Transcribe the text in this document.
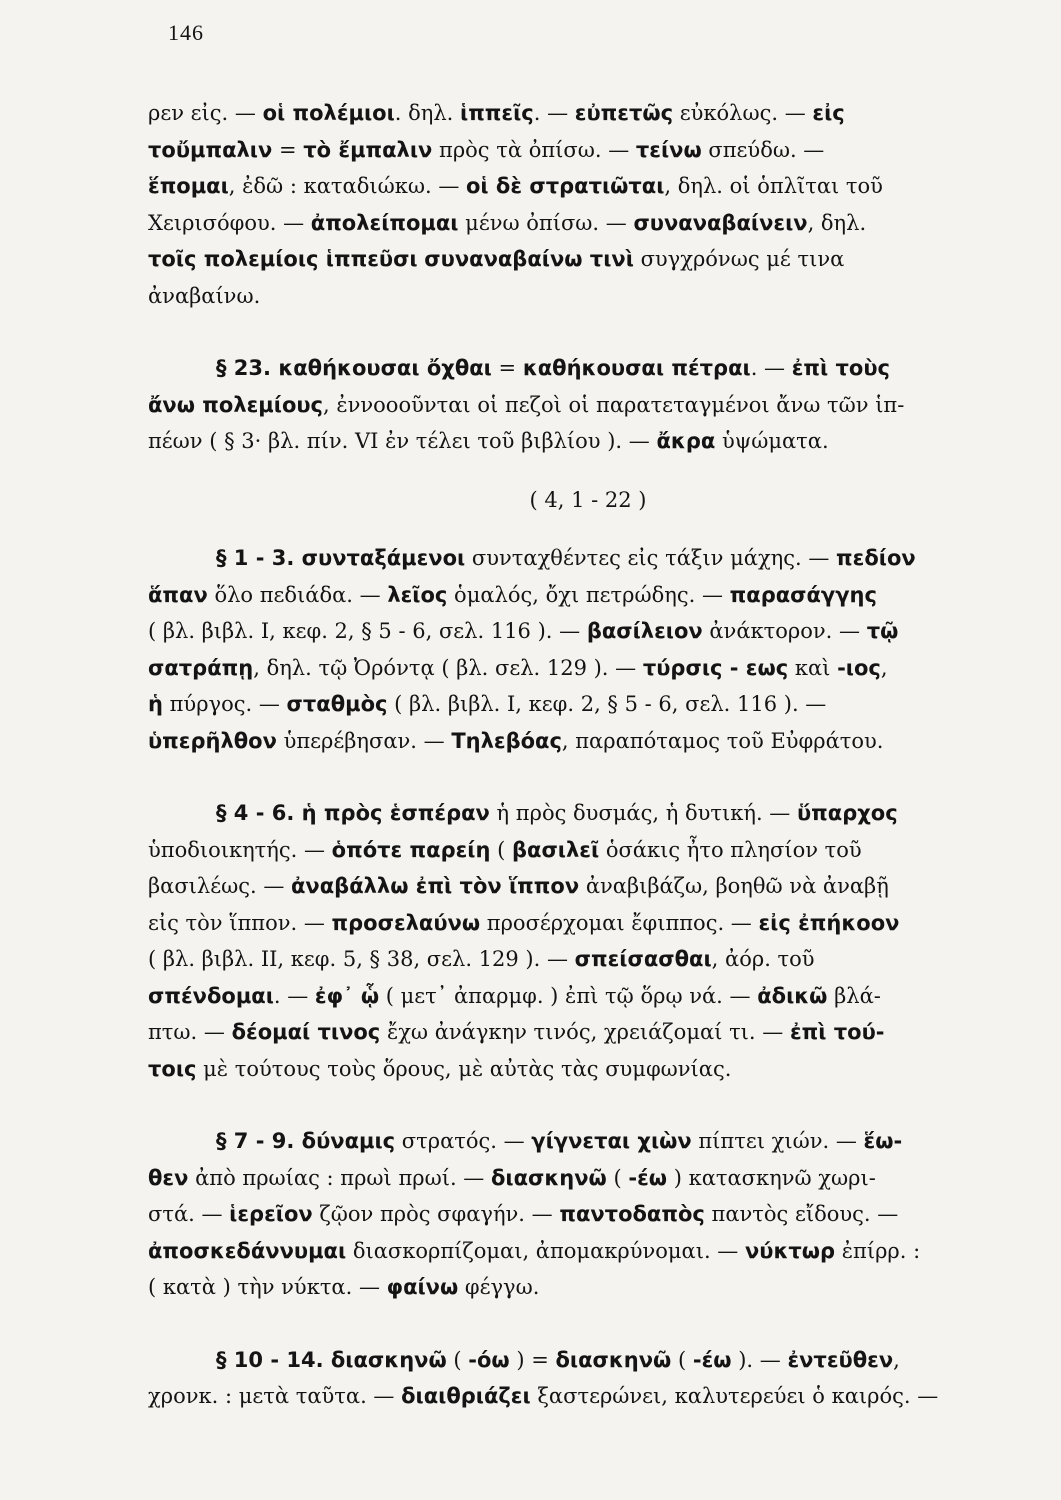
146
ρεν εἰς. — οἱ πολέμιοι. δηλ. ἱππεῖς. — εὐπετῶς εὐκόλως. — εἰς
τοὔμπαλιν = τὸ ἔμπαλιν πρὸς τὰ ὀπίσω. — τείνω σπεύδω. —
ἕπομαι, ἐδῶ : καταδιώκω. — οἱ δὲ στρατιῶται, δηλ. οἱ ὁπλῖται τοῦ
Χειρισόφου. — ἀπολείπομαι μένω ὀπίσω. — συναναβαίνειν, δηλ.
τοῖς πολεμίοις ἱππεῦσι συναναβαίνω τινὶ συγχρόνως μέ τινα
ἀναβαίνω.
§ 23. καθήκουσαι ὄχθαι = καθήκουσαι πέτραι. — ἐπὶ τοὺς
ἄνω πολεμίους, ἐννοοοῦνται οἱ πεζοὶ οἱ παρατεταγμένοι ἄνω τῶν ἱπ-
πέων ( § 3· βλ. πίν. VI ἐν τέλει τοῦ βιβλίου ). — ἄκρα ὑψώματα.
( 4, 1 - 22 )
§ 1 - 3. συνταξάμενοι συνταχθέντες εἰς τάξιν μάχης. — πεδίον
ἅπαν ὅλο πεδιάδα. — λεῖος ὁμαλός, ὄχι πετρώδης. — παρασάγγης
( βλ. βιβλ. Ι, κεφ. 2, § 5 - 6, σελ. 116 ). — βασίλειον ἀνάκτορον. — τῷ
σατράπῃ, δηλ. τῷ Ὀρόντᾳ ( βλ. σελ. 129 ). — τύρσις - εως καὶ -ιος,
ἡ πύργος. — σταθμὸς ( βλ. βιβλ. Ι, κεφ. 2, § 5 - 6, σελ. 116 ). —
ὑπερῆλθον ὑπερέβησαν. — Τηλεβόας, παραπόταμος τοῦ Εὐφράτου.
§ 4 - 6. ἡ πρὸς ἑσπέραν ἡ πρὸς δυσμάς, ἡ δυτική. — ὕπαρχος
ὑποδιοικητής. — ὁπότε παρείη ( βασιλεῖ ὁσάκις ἦτο πλησίον τοῦ
βασιλέως. — ἀναβάλλω ἐπὶ τὸν ἵππον ἀναβιβάζω, βοηθῶ νὰ ἀναβῇ
εἰς τὸν ἵππον. — προσελαύνω προσέρχομαι ἔφιππος. — εἰς ἐπήκοον
( βλ. βιβλ. ΙΙ, κεφ. 5, § 38, σελ. 129 ). — σπείσασθαι, ἀόρ. τοῦ
σπένδομαι. — ἐφ᾽ ᾧ ( μετ᾽ ἀπαρμφ. ) ἐπὶ τῷ ὅρῳ νά. — ἀδικῶ βλά-
πτω. — δέομαί τινος ἔχω ἀνάγκην τινός, χρειάζομαί τι. — ἐπὶ τού-
τοις μὲ τούτους τοὺς ὅρους, μὲ αὐτὰς τὰς συμφωνίας.
§ 7 - 9. δύναμις στρατός. — γίγνεται χιὼν πίπτει χιών. — ἕω-
θεν ἀπὸ πρωίας : πρωὶ πρωί. — διασκηνῶ ( -έω ) κατασκηνῶ χωρι-
στά. — ἱερεῖον ζῷον πρὸς σφαγήν. — παντοδαπὸς παντὸς εἴδους. —
ἀποσκεδάννυμαι διασκορπίζομαι, ἀπομακρύνομαι. — νύκτωρ ἐπίρρ. :
( κατὰ ) τὴν νύκτα. — φαίνω φέγγω.
§ 10 - 14. διασκηνῶ ( -όω ) = διασκηνῶ ( -έω ). — ἐντεῦθεν,
χρονκ. : μετὰ ταῦτα. — διαιθριάζει ξαστερώνει, καλυτερεύει ὁ καιρός. —
